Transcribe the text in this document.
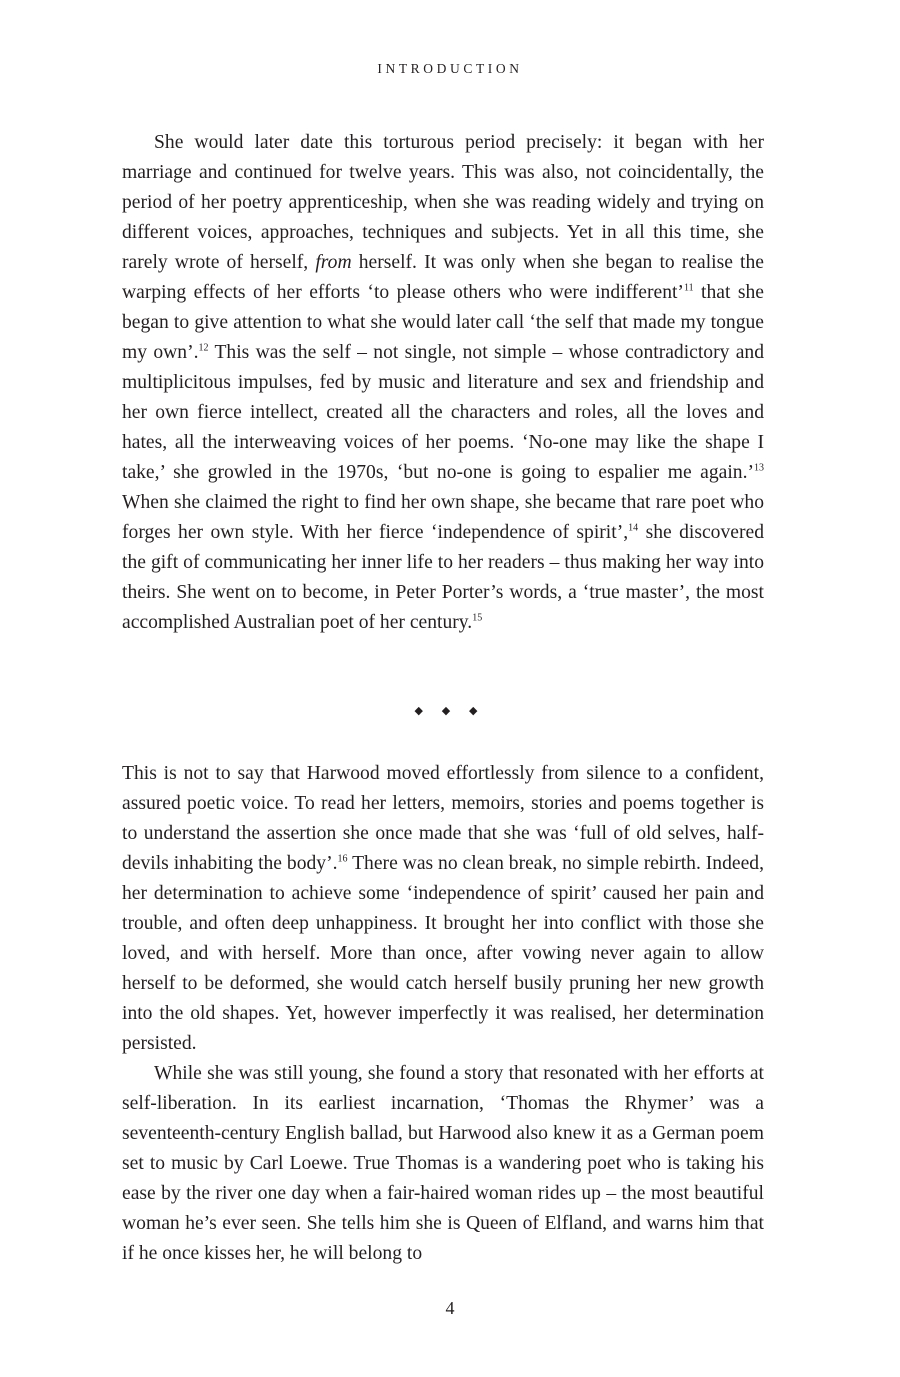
INTRODUCTION

She would later date this torturous period precisely: it began with her marriage and continued for twelve years. This was also, not coincidentally, the period of her poetry apprenticeship, when she was reading widely and trying on different voices, approaches, techniques and subjects. Yet in all this time, she rarely wrote of herself, from herself. It was only when she began to realise the warping effects of her efforts ‘to please others who were indifferent’$^{11}$ that she began to give attention to what she would later call ‘the self that made my tongue my own’.$^{12}$ This was the self – not single, not simple – whose contradictory and multiplicitous impulses, fed by music and literature and sex and friendship and her own fierce intellect, created all the characters and roles, all the loves and hates, all the interweaving voices of her poems. ‘No-one may like the shape I take,’ she growled in the 1970s, ‘but no-one is going to espalier me again.’$^{13}$ When she claimed the right to find her own shape, she became that rare poet who forges her own style. With her fierce ‘independence of spirit’,$^{14}$ she discovered the gift of communicating her inner life to her readers – thus making her way into theirs. She went on to become, in Peter Porter’s words, a ‘true master’, the most accomplished Australian poet of her century.$^{15}$

◆ ◆ ◆

This is not to say that Harwood moved effortlessly from silence to a confident, assured poetic voice. To read her letters, memoirs, stories and poems together is to understand the assertion she once made that she was ‘full of old selves, half-devils inhabiting the body’.$^{16}$ There was no clean break, no simple rebirth. Indeed, her determination to achieve some ‘independence of spirit’ caused her pain and trouble, and often deep unhappiness. It brought her into conflict with those she loved, and with herself. More than once, after vowing never again to allow herself to be deformed, she would catch herself busily pruning her new growth into the old shapes. Yet, however imperfectly it was realised, her determination persisted.

While she was still young, she found a story that resonated with her efforts at self-liberation. In its earliest incarnation, ‘Thomas the Rhymer’ was a seventeenth-century English ballad, but Harwood also knew it as a German poem set to music by Carl Loewe. True Thomas is a wandering poet who is taking his ease by the river one day when a fair-haired woman rides up – the most beautiful woman he’s ever seen. She tells him she is Queen of Elfland, and warns him that if he once kisses her, he will belong to

4
